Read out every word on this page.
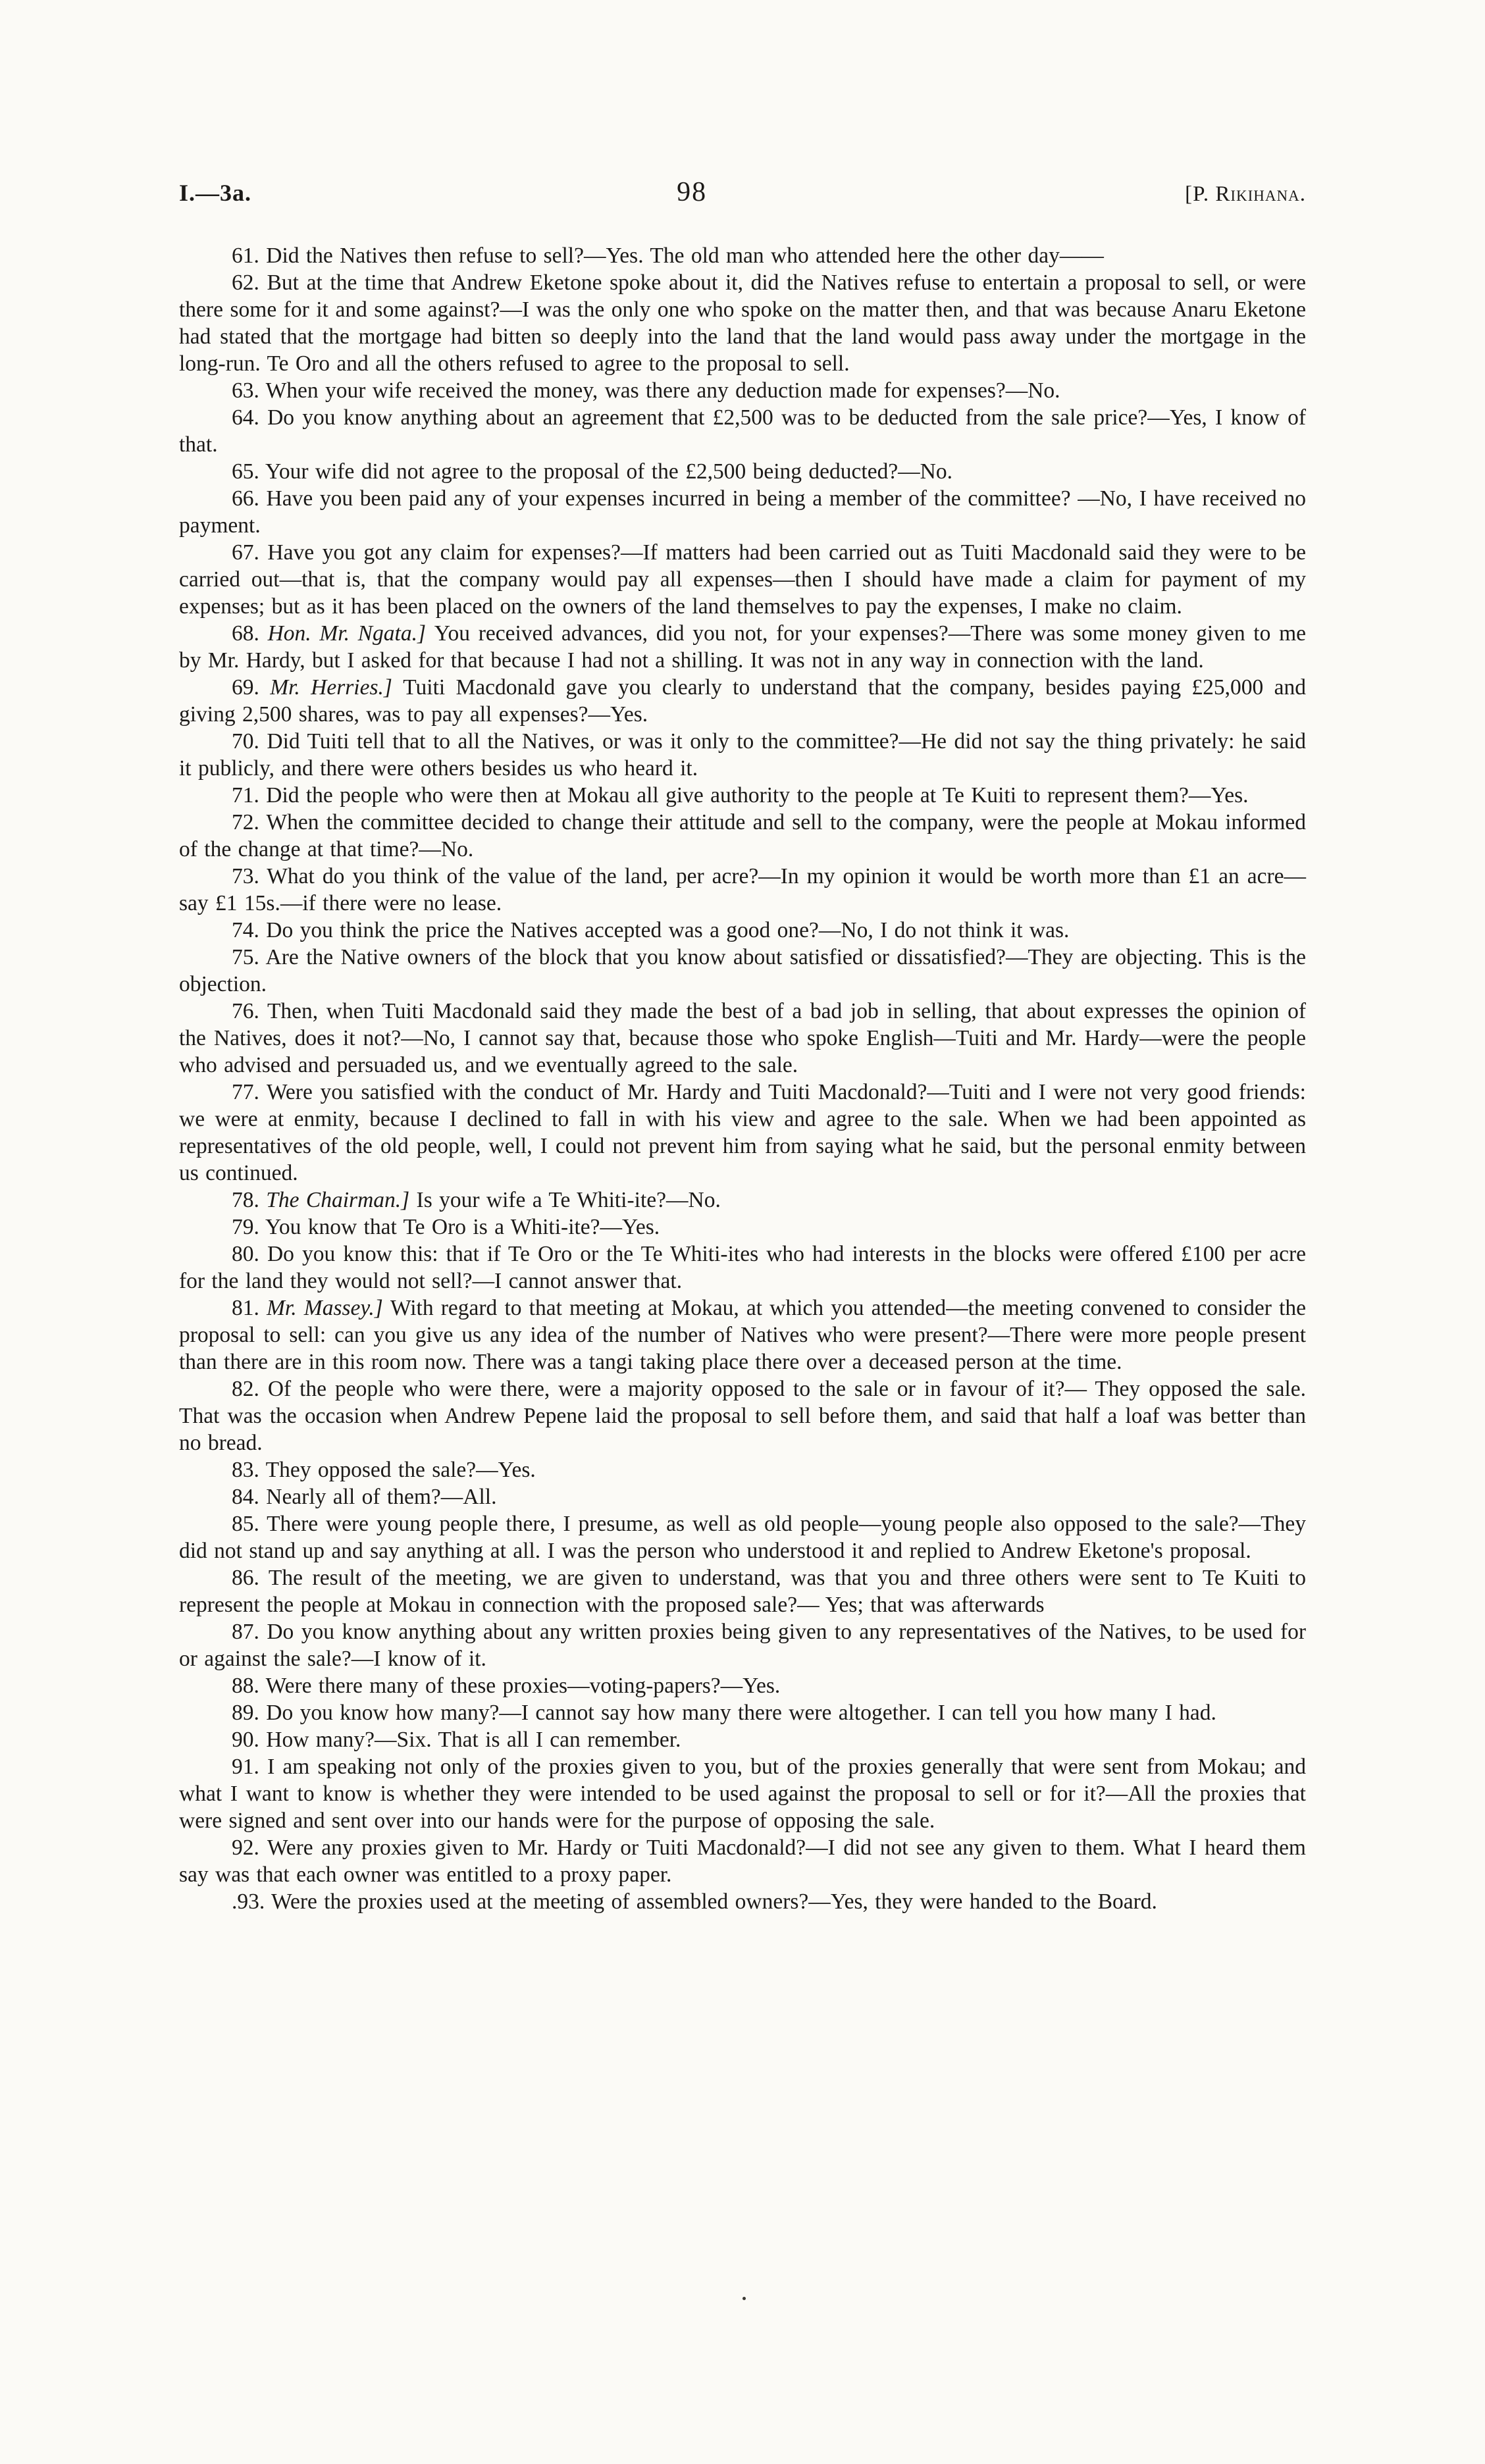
I.—3a.	98	[P. Rikihana.

61. Did the Natives then refuse to sell?—Yes. The old man who attended here the other day——

62. But at the time that Andrew Eketone spoke about it, did the Natives refuse to entertain a proposal to sell, or were there some for it and some against?—I was the only one who spoke on the matter then, and that was because Anaru Eketone had stated that the mortgage had bitten so deeply into the land that the land would pass away under the mortgage in the long-run. Te Oro and all the others refused to agree to the proposal to sell.

63. When your wife received the money, was there any deduction made for expenses?—No.

64. Do you know anything about an agreement that £2,500 was to be deducted from the sale price?—Yes, I know of that.

65. Your wife did not agree to the proposal of the £2,500 being deducted?—No.

66. Have you been paid any of your expenses incurred in being a member of the committee? —No, I have received no payment.

67. Have you got any claim for expenses?—If matters had been carried out as Tuiti Macdonald said they were to be carried out—that is, that the company would pay all expenses—then I should have made a claim for payment of my expenses; but as it has been placed on the owners of the land themselves to pay the expenses, I make no claim.

68. Hon. Mr. Ngata.] You received advances, did you not, for your expenses?—There was some money given to me by Mr. Hardy, but I asked for that because I had not a shilling. It was not in any way in connection with the land.

69. Mr. Herries.] Tuiti Macdonald gave you clearly to understand that the company, besides paying £25,000 and giving 2,500 shares, was to pay all expenses?—Yes.

70. Did Tuiti tell that to all the Natives, or was it only to the committee?—He did not say the thing privately: he said it publicly, and there were others besides us who heard it.

71. Did the people who were then at Mokau all give authority to the people at Te Kuiti to represent them?—Yes.

72. When the committee decided to change their attitude and sell to the company, were the people at Mokau informed of the change at that time?—No.

73. What do you think of the value of the land, per acre?—In my opinion it would be worth more than £1 an acre—say £1 15s.—if there were no lease.

74. Do you think the price the Natives accepted was a good one?—No, I do not think it was.

75. Are the Native owners of the block that you know about satisfied or dissatisfied?—They are objecting. This is the objection.

76. Then, when Tuiti Macdonald said they made the best of a bad job in selling, that about expresses the opinion of the Natives, does it not?—No, I cannot say that, because those who spoke English—Tuiti and Mr. Hardy—were the people who advised and persuaded us, and we eventually agreed to the sale.

77. Were you satisfied with the conduct of Mr. Hardy and Tuiti Macdonald?—Tuiti and I were not very good friends: we were at enmity, because I declined to fall in with his view and agree to the sale. When we had been appointed as representatives of the old people, well, I could not prevent him from saying what he said, but the personal enmity between us continued.

78. The Chairman.] Is your wife a Te Whiti-ite?—No.

79. You know that Te Oro is a Whiti-ite?—Yes.

80. Do you know this: that if Te Oro or the Te Whiti-ites who had interests in the blocks were offered £100 per acre for the land they would not sell?—I cannot answer that.

81. Mr. Massey.] With regard to that meeting at Mokau, at which you attended—the meeting convened to consider the proposal to sell: can you give us any idea of the number of Natives who were present?—There were more people present than there are in this room now. There was a tangi taking place there over a deceased person at the time.

82. Of the people who were there, were a majority opposed to the sale or in favour of it?— They opposed the sale. That was the occasion when Andrew Pepene laid the proposal to sell before them, and said that half a loaf was better than no bread.

83. They opposed the sale?—Yes.

84. Nearly all of them?—All.

85. There were young people there, I presume, as well as old people—young people also opposed to the sale?—They did not stand up and say anything at all. I was the person who understood it and replied to Andrew Eketone's proposal.

86. The result of the meeting, we are given to understand, was that you and three others were sent to Te Kuiti to represent the people at Mokau in connection with the proposed sale?— Yes; that was afterwards

87. Do you know anything about any written proxies being given to any representatives of the Natives, to be used for or against the sale?—I know of it.

88. Were there many of these proxies—voting-papers?—Yes.

89. Do you know how many?—I cannot say how many there were altogether. I can tell you how many I had.

90. How many?—Six. That is all I can remember.

91. I am speaking not only of the proxies given to you, but of the proxies generally that were sent from Mokau; and what I want to know is whether they were intended to be used against the proposal to sell or for it?—All the proxies that were signed and sent over into our hands were for the purpose of opposing the sale.

92. Were any proxies given to Mr. Hardy or Tuiti Macdonald?—I did not see any given to them. What I heard them say was that each owner was entitled to a proxy paper.

.93. Were the proxies used at the meeting of assembled owners?—Yes, they were handed to the Board.
